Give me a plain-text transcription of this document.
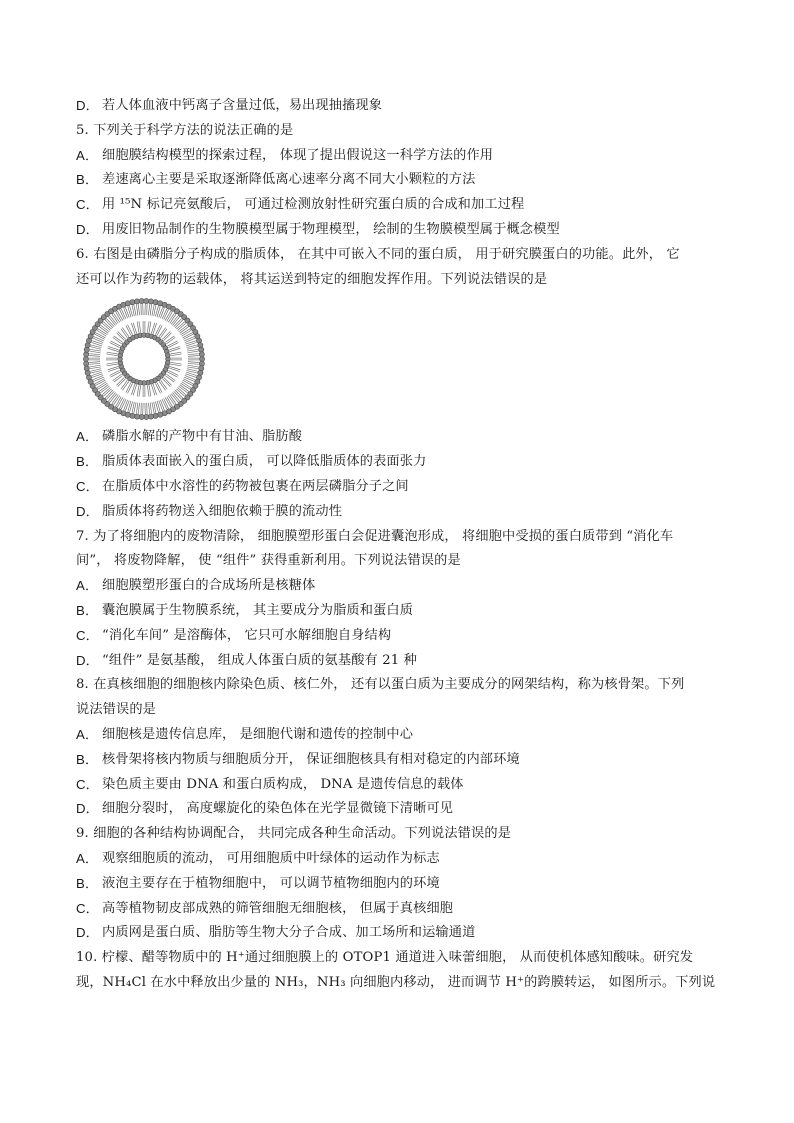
D． 若人体血液中钙离子含量过低，易出现抽搐现象
5. 下列关于科学方法的说法正确的是
A． 细胞膜结构模型的探索过程， 体现了提出假说这一科学方法的作用
B． 差速离心主要是采取逐渐降低离心速率分离不同大小颗粒的方法
C． 用 ¹⁵N 标记亮氨酸后， 可通过检测放射性研究蛋白质的合成和加工过程
D． 用废旧物品制作的生物膜模型属于物理模型， 绘制的生物膜模型属于概念模型
6. 右图是由磷脂分子构成的脂质体， 在其中可嵌入不同的蛋白质， 用于研究膜蛋白的功能。此外， 它
还可以作为药物的运载体， 将其运送到特定的细胞发挥作用。下列说法错误的是
A． 磷脂水解的产物中有甘油、脂肪酸
B． 脂质体表面嵌入的蛋白质， 可以降低脂质体的表面张力
C． 在脂质体中水溶性的药物被包裹在两层磷脂分子之间
D． 脂质体将药物送入细胞依赖于膜的流动性
7. 为了将细胞内的废物清除， 细胞膜塑形蛋白会促进囊泡形成， 将细胞中受损的蛋白质带到 “消化车
间”， 将废物降解， 使 “组件” 获得重新利用。下列说法错误的是
A． 细胞膜塑形蛋白的合成场所是核糖体
B． 囊泡膜属于生物膜系统， 其主要成分为脂质和蛋白质
C． “消化车间” 是溶酶体， 它只可水解细胞自身结构
D． “组件” 是氨基酸， 组成人体蛋白质的氨基酸有 21 种
8. 在真核细胞的细胞核内除染色质、核仁外， 还有以蛋白质为主要成分的网架结构，称为核骨架。下列
说法错误的是
A． 细胞核是遗传信息库， 是细胞代谢和遗传的控制中心
B． 核骨架将核内物质与细胞质分开， 保证细胞核具有相对稳定的内部环境
C． 染色质主要由 DNA 和蛋白质构成， DNA 是遗传信息的载体
D． 细胞分裂时， 高度螺旋化的染色体在光学显微镜下清晰可见
9. 细胞的各种结构协调配合， 共同完成各种生命活动。下列说法错误的是
A． 观察细胞质的流动， 可用细胞质中叶绿体的运动作为标志
B． 液泡主要存在于植物细胞中， 可以调节植物细胞内的环境
C． 高等植物韧皮部成熟的筛管细胞无细胞核， 但属于真核细胞
D． 内质网是蛋白质、脂肪等生物大分子合成、加工场所和运输通道
10. 柠檬、醋等物质中的 H⁺通过细胞膜上的 OTOP1 通道进入味蕾细胞， 从而使机体感知酸味。研究发
现，NH₄Cl 在水中释放出少量的 NH₃，NH₃ 向细胞内移动， 进而调节 H⁺的跨膜转运， 如图所示。下列说
